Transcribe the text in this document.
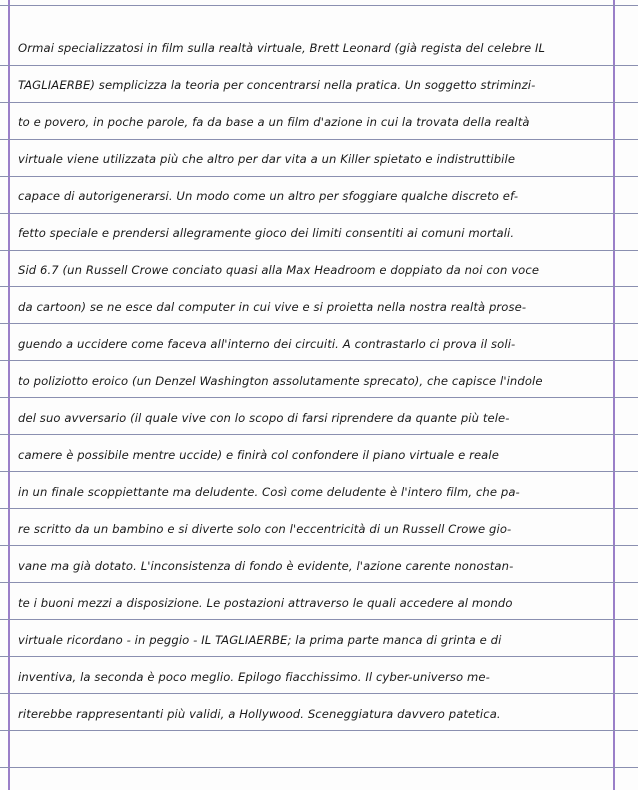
Ormai specializzatosi in film sulla realtà virtuale, Brett Leonard (già regista del celebre IL
TAGLIAERBE) semplicizza la teoria per concentrarsi nella pratica. Un soggetto striminzi-
to e povero, in poche parole, fa da base a un film d'azione in cui la trovata della realtà
virtuale viene utilizzata più che altro per dar vita a un Killer spietato e indistruttibile
capace di autorigenerarsi. Un modo come un altro per sfoggiare qualche discreto ef-
fetto speciale e prendersi allegramente gioco dei limiti consentiti ai comuni mortali.
Sid 6.7 (un Russell Crowe conciato quasi alla Max Headroom e doppiato da noi con voce
da cartoon) se ne esce dal computer in cui vive e si proietta nella nostra realtà prose-
guendo a uccidere come faceva all'interno dei circuiti. A contrastarlo ci prova il soli-
to poliziotto eroico (un Denzel Washington assolutamente sprecato), che capisce l'indole
del suo avversario (il quale vive con lo scopo di farsi riprendere da quante più tele-
camere è possibile mentre uccide) e finirà col confondere il piano virtuale e reale
in un finale scoppiettante ma deludente. Così come deludente è l'intero film, che pa-
re scritto da un bambino e si diverte solo con l'eccentricità di un Russell Crowe gio-
vane ma già dotato. L'inconsistenza di fondo è evidente, l'azione carente nonostan-
te i buoni mezzi a disposizione. Le postazioni attraverso le quali accedere al mondo
virtuale ricordano - in peggio - IL TAGLIAERBE; la prima parte manca di grinta e di
inventiva, la seconda è poco meglio. Epilogo fiacchissimo. Il cyber-universo me-
riterebbe rappresentanti più validi, a Hollywood. Sceneggiatura davvero patetica.
